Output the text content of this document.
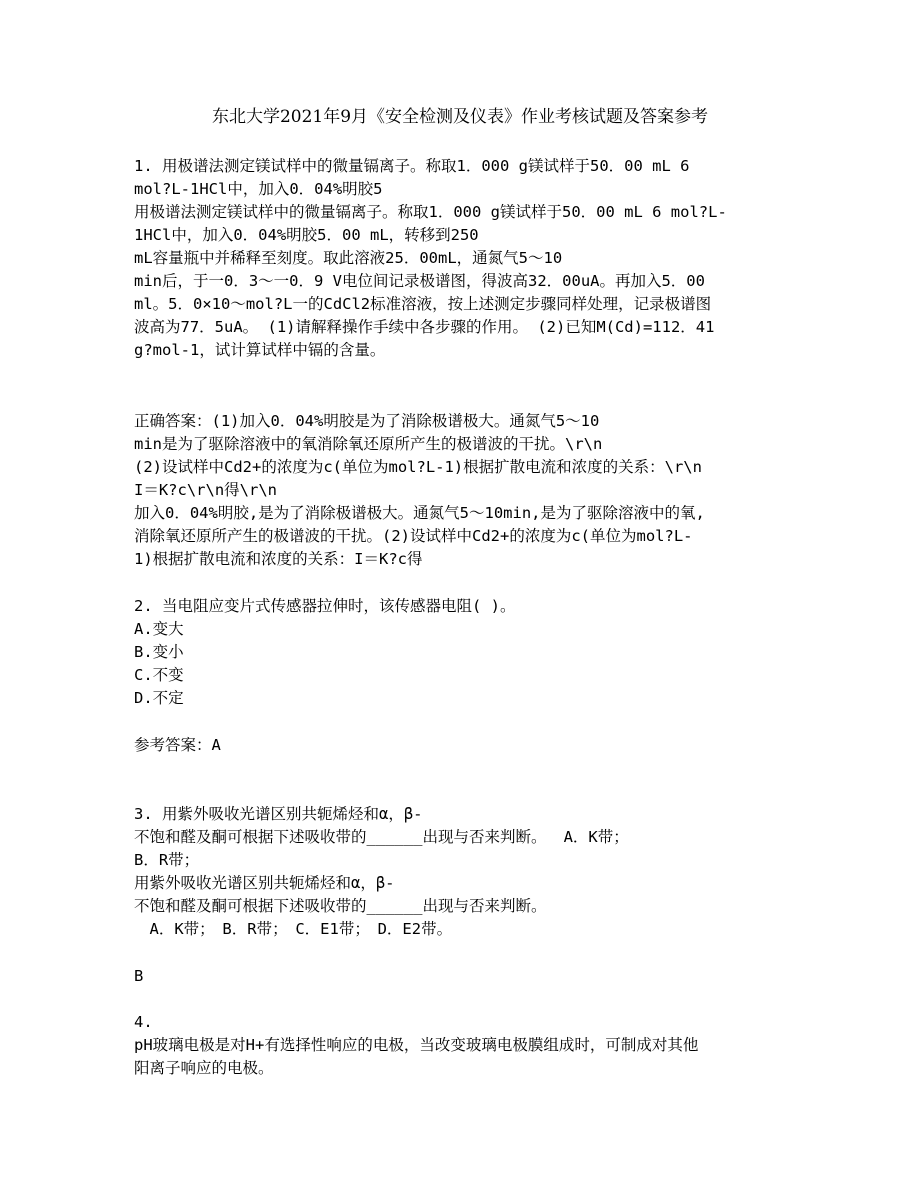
东北大学2021年9月《安全检测及仪表》作业考核试题及答案参考
1. 用极谱法测定镁试样中的微量镉离子。称取1．000 g镁试样于50．00 mL 6
mol?L-1HCl中，加入0．04%明胶5
用极谱法测定镁试样中的微量镉离子。称取1．000 g镁试样于50．00 mL 6 mol?L-
1HCl中，加入0．04%明胶5．00 mL，转移到250
mL容量瓶中并稀释至刻度。取此溶液25．00mL，通氮气5～10
min后，于一0．3～一0．9 V电位间记录极谱图，得波高32．00uA。再加入5．00
ml。5．0×10～mol?L一的CdCl2标准溶液，按上述测定步骤同样处理，记录极谱图
波高为77．5uA。 (1)请解释操作手续中各步骤的作用。 (2)已知M(Cd)=112．41
g?mol-1，试计算试样中镉的含量。
正确答案：(1)加入0．04%明胶是为了消除极谱极大。通氮气5～10
min是为了驱除溶液中的氧消除氧还原所产生的极谱波的干扰。\r\n
(2)设试样中Cd2+的浓度为c(单位为mol?L-1)根据扩散电流和浓度的关系：\r\n
I＝K?c\r\n得\r\n
加入0．04%明胶,是为了消除极谱极大。通氮气5～10min,是为了驱除溶液中的氧,
消除氧还原所产生的极谱波的干扰。(2)设试样中Cd2+的浓度为c(单位为mol?L-
1)根据扩散电流和浓度的关系：I＝K?c得
2. 当电阻应变片式传感器拉伸时，该传感器电阻( )。
A.变大
B.变小
C.不变
D.不定
参考答案：A
3. 用紫外吸收光谱区别共轭烯烃和α，β-
不饱和醛及酮可根据下述吸收带的______出现与否来判断。　 A．K带；
B．R带；
用紫外吸收光谱区别共轭烯烃和α，β-
不饱和醛及酮可根据下述吸收带的______出现与否来判断。
　A．K带；　B．R带；　C．E1带；　D．E2带。
B
4.
pH玻璃电极是对H+有选择性响应的电极，当改变玻璃电极膜组成时，可制成对其他
阳离子响应的电极。
